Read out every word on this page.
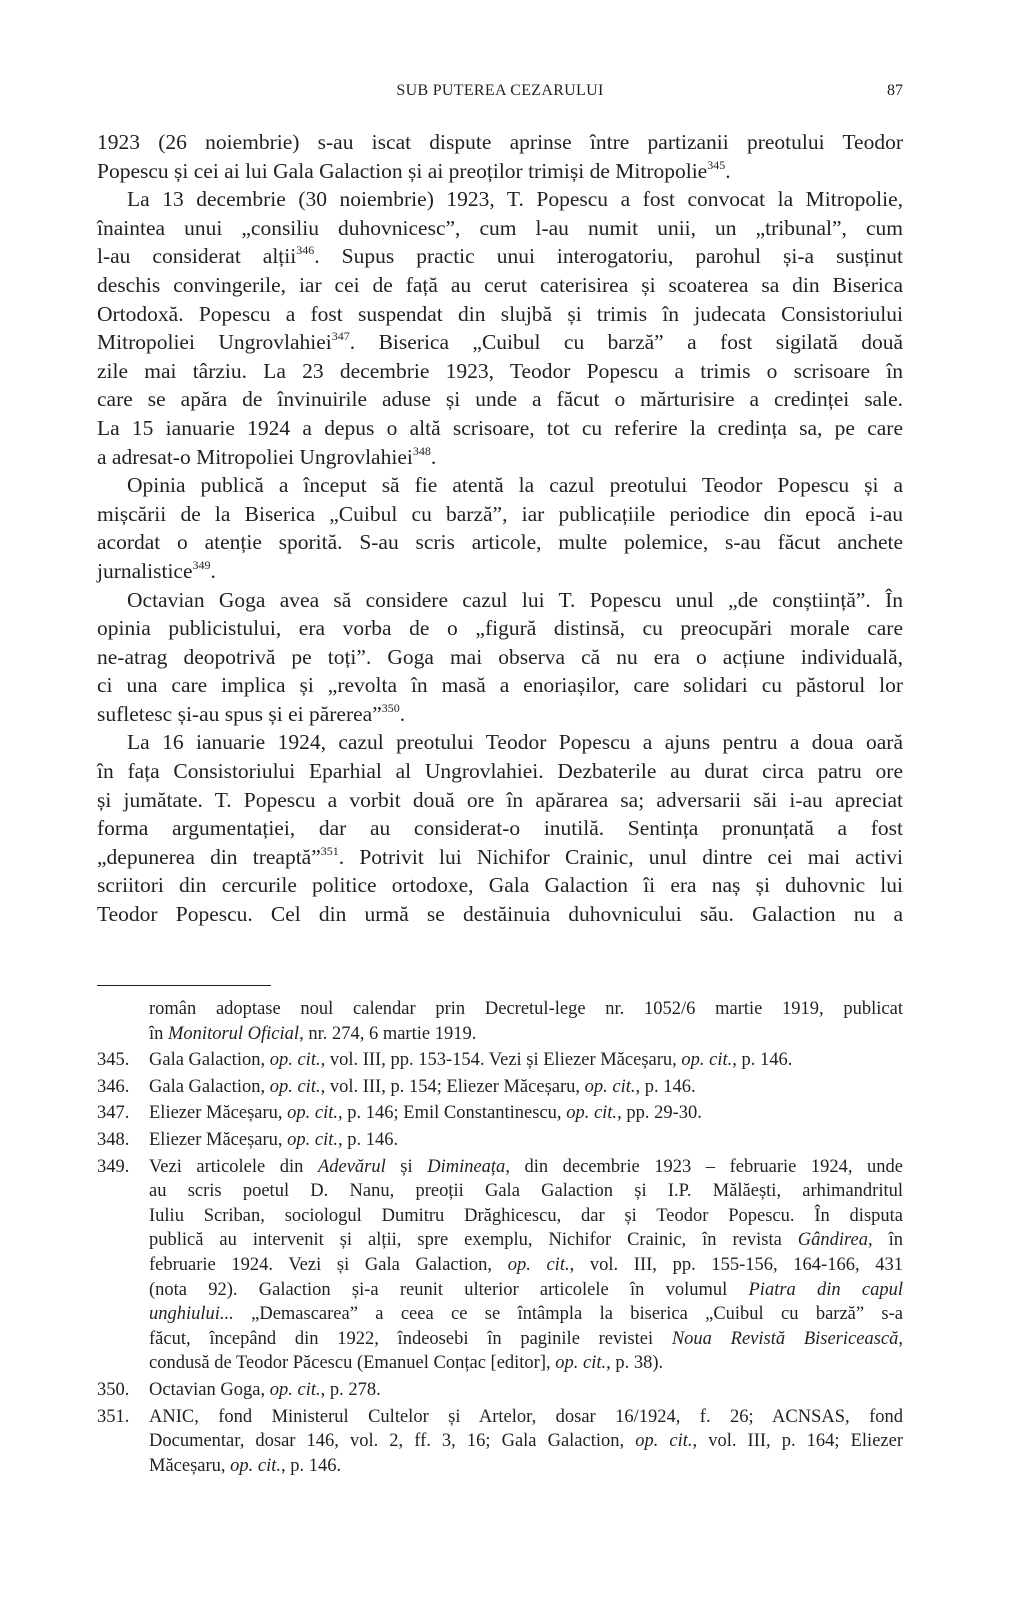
SUB PUTEREA CEZARULUI	87
1923 (26 noiembrie) s-au iscat dispute aprinse între partizanii preotului Teodor
Popescu și cei ai lui Gala Galaction și ai preoților trimiși de Mitropolie$^{345}$.
La 13 decembrie (30 noiembrie) 1923, T. Popescu a fost convocat la Mitropolie,
înaintea unui „consiliu duhovnicesc”, cum l-au numit unii, un „tribunal”, cum
l-au considerat alții$^{346}$. Supus practic unui interogatoriu, parohul și-a susținut
deschis convingerile, iar cei de față au cerut caterisirea și scoaterea sa din Biserica
Ortodoxă. Popescu a fost suspendat din slujbă și trimis în judecata Consistoriului
Mitropoliei Ungrovlahiei$^{347}$. Biserica „Cuibul cu barză” a fost sigilată două
zile mai târziu. La 23 decembrie 1923, Teodor Popescu a trimis o scrisoare în
care se apăra de învinuirile aduse și unde a făcut o mărturisire a credinței sale.
La 15 ianuarie 1924 a depus o altă scrisoare, tot cu referire la credința sa, pe care
a adresat-o Mitropoliei Ungrovlahiei$^{348}$.
Opinia publică a început să fie atentă la cazul preotului Teodor Popescu și a
mișcării de la Biserica „Cuibul cu barză”, iar publicațiile periodice din epocă i-au
acordat o atenție sporită. S-au scris articole, multe polemice, s-au făcut anchete
jurnalistice$^{349}$.
Octavian Goga avea să considere cazul lui T. Popescu unul „de conștiință”. În
opinia publicistului, era vorba de o „figură distinsă, cu preocupări morale care
ne-atrag deopotrivă pe toți”. Goga mai observa că nu era o acțiune individuală,
ci una care implica și „revolta în masă a enoriașilor, care solidari cu păstorul lor
sufletesc și-au spus și ei părerea”$^{350}$.
La 16 ianuarie 1924, cazul preotului Teodor Popescu a ajuns pentru a doua oară
în fața Consistoriului Eparhial al Ungrovlahiei. Dezbaterile au durat circa patru ore
și jumătate. T. Popescu a vorbit două ore în apărarea sa; adversarii săi i-au apreciat
forma argumentației, dar au considerat-o inutilă. Sentința pronunțată a fost
„depunerea din treaptă”$^{351}$. Potrivit lui Nichifor Crainic, unul dintre cei mai activi
scriitori din cercurile politice ortodoxe, Gala Galaction îi era naș și duhovnic lui
Teodor Popescu. Cel din urmă se destăinuia duhovnicului său. Galaction nu a
român adoptase noul calendar prin Decretul-lege nr. 1052/6 martie 1919, publicat
în Monitorul Oficial, nr. 274, 6 martie 1919.
345. Gala Galaction, op. cit., vol. III, pp. 153-154. Vezi și Eliezer Măceșaru, op. cit., p. 146.
346. Gala Galaction, op. cit., vol. III, p. 154; Eliezer Măceșaru, op. cit., p. 146.
347. Eliezer Măceșaru, op. cit., p. 146; Emil Constantinescu, op. cit., pp. 29-30.
348. Eliezer Măceșaru, op. cit., p. 146.
349. Vezi articolele din Adevărul și Dimineața, din decembrie 1923 – februarie 1924, unde
au scris poetul D. Nanu, preoții Gala Galaction și I.P. Mălăești, arhimandritul
Iuliu Scriban, sociologul Dumitru Drăghicescu, dar și Teodor Popescu. În disputa
publică au intervenit și alții, spre exemplu, Nichifor Crainic, în revista Gândirea, în
februarie 1924. Vezi și Gala Galaction, op. cit., vol. III, pp. 155-156, 164-166, 431
(nota 92). Galaction și-a reunit ulterior articolele în volumul Piatra din capul
unghiului... „Demascarea” a ceea ce se întâmpla la biserica „Cuibul cu barză” s-a
făcut, începând din 1922, îndeosebi în paginile revistei Noua Revistă Bisericească,
condusă de Teodor Păcescu (Emanuel Conțac [editor], op. cit., p. 38).
350. Octavian Goga, op. cit., p. 278.
351. ANIC, fond Ministerul Cultelor și Artelor, dosar 16/1924, f. 26; ACNSAS, fond
Documentar, dosar 146, vol. 2, ff. 3, 16; Gala Galaction, op. cit., vol. III, p. 164; Eliezer
Măceșaru, op. cit., p. 146.
